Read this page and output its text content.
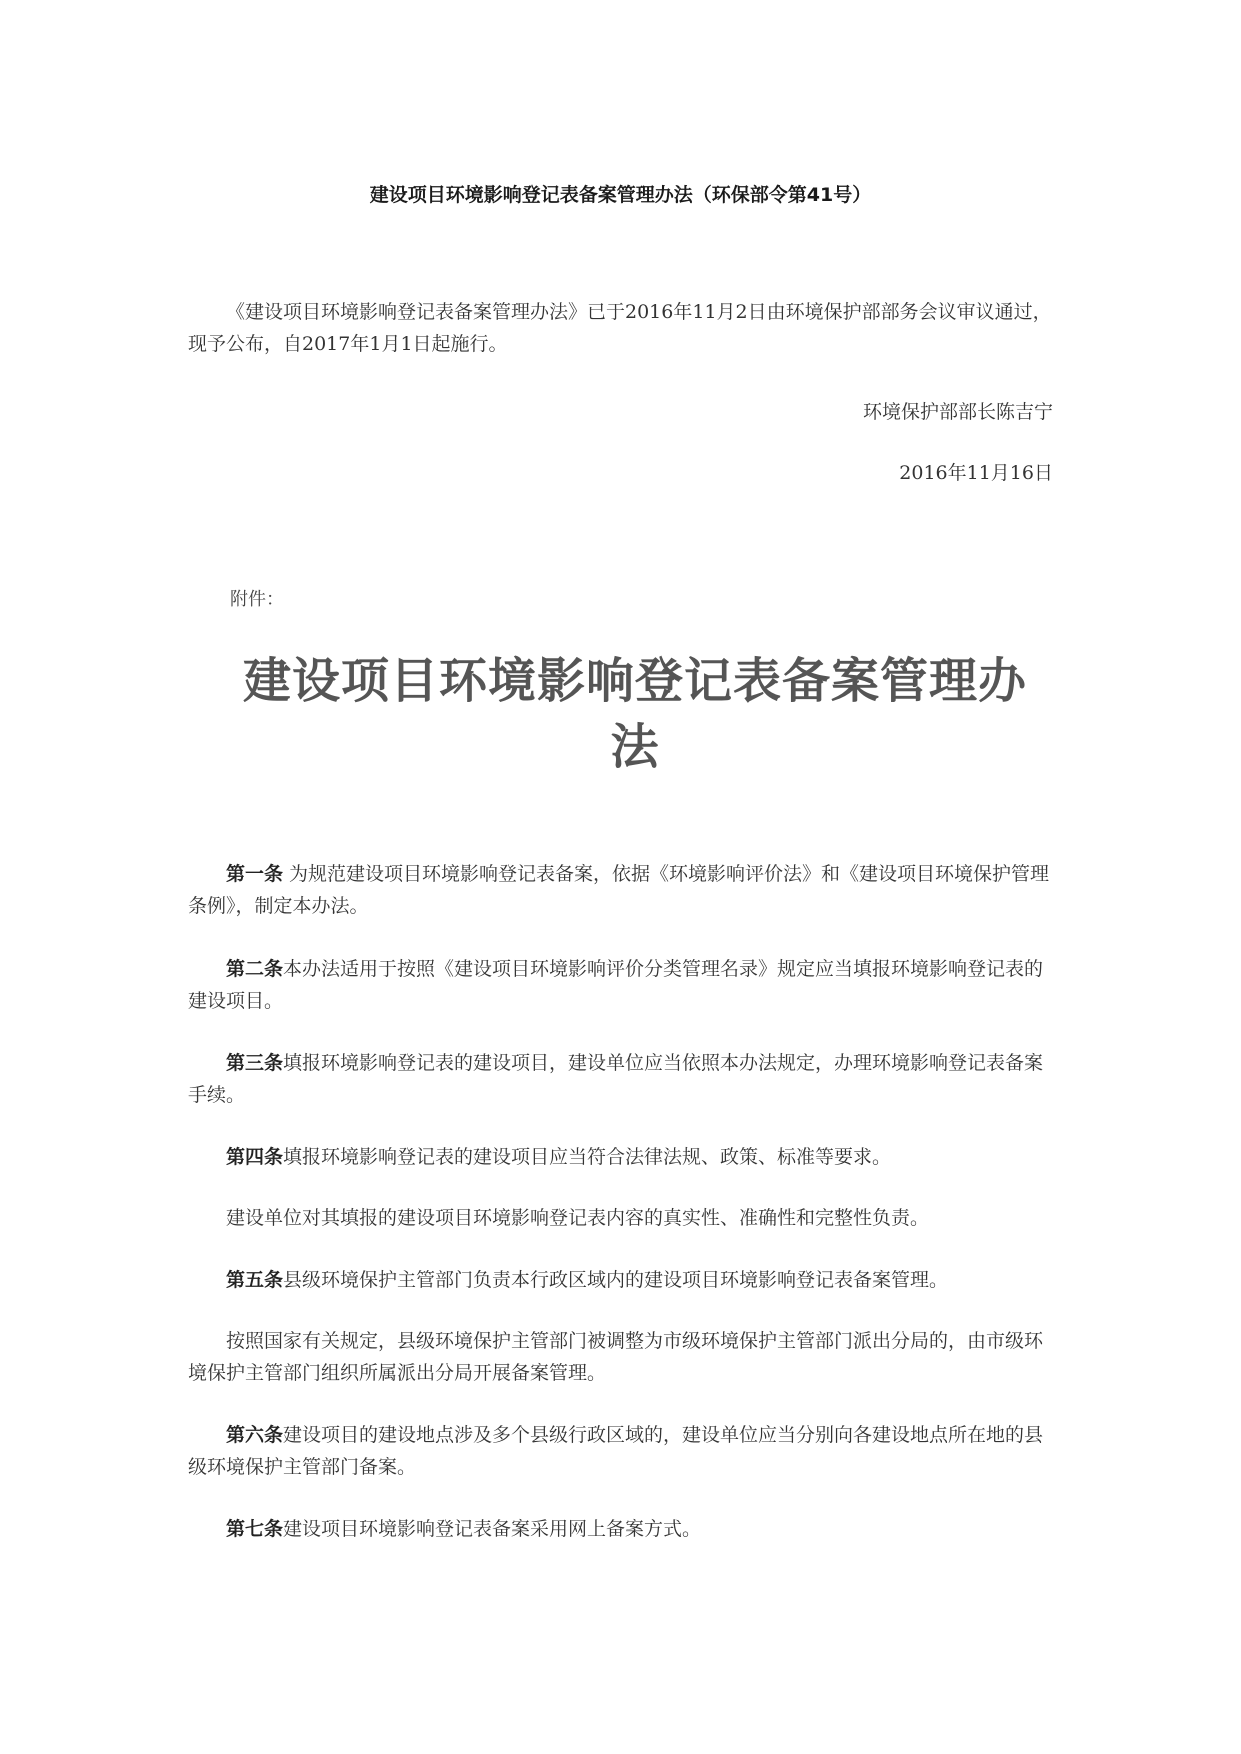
建设项目环境影响登记表备案管理办法（环保部令第41号）
《建设项目环境影响登记表备案管理办法》已于2016年11月2日由环境保护部部务会议审议通过，现予公布，自2017年1月1日起施行。
环境保护部部长陈吉宁
2016年11月16日
附件：
建设项目环境影响登记表备案管理办法
第一条 为规范建设项目环境影响登记表备案，依据《环境影响评价法》和《建设项目环境保护管理条例》，制定本办法。
第二条本办法适用于按照《建设项目环境影响评价分类管理名录》规定应当填报环境影响登记表的建设项目。
第三条填报环境影响登记表的建设项目，建设单位应当依照本办法规定，办理环境影响登记表备案手续。
第四条填报环境影响登记表的建设项目应当符合法律法规、政策、标准等要求。
建设单位对其填报的建设项目环境影响登记表内容的真实性、准确性和完整性负责。
第五条县级环境保护主管部门负责本行政区域内的建设项目环境影响登记表备案管理。
按照国家有关规定，县级环境保护主管部门被调整为市级环境保护主管部门派出分局的，由市级环境保护主管部门组织所属派出分局开展备案管理。
第六条建设项目的建设地点涉及多个县级行政区域的，建设单位应当分别向各建设地点所在地的县级环境保护主管部门备案。
第七条建设项目环境影响登记表备案采用网上备案方式。
